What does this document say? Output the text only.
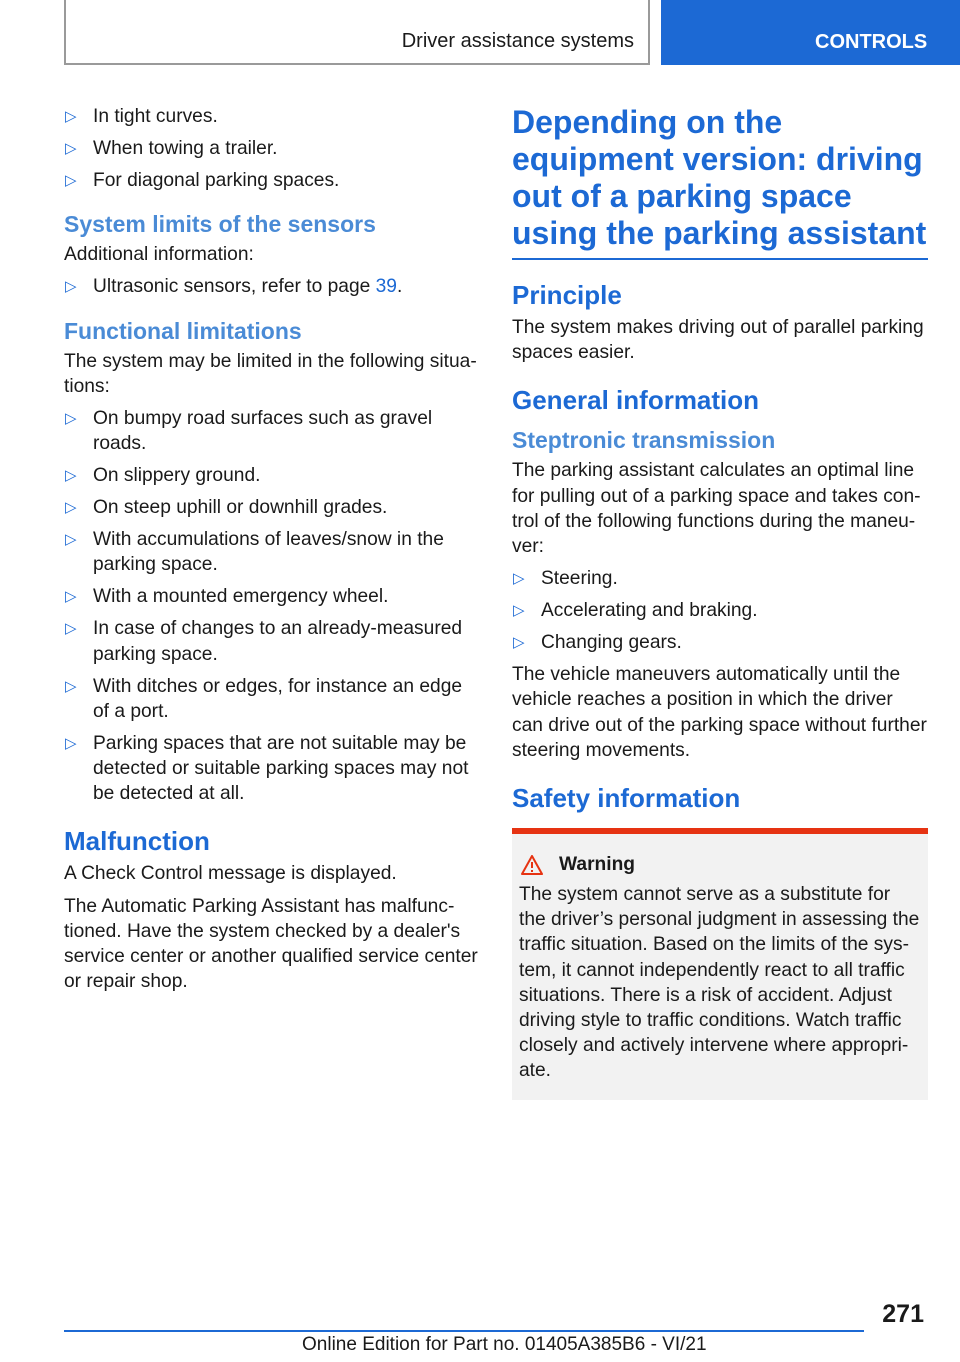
Driver assistance systems	CONTROLS
▷ In tight curves.
▷ When towing a trailer.
▷ For diagonal parking spaces.
System limits of the sensors

Additional information:

▷ Ultrasonic sensors, refer to page 39.
Functional limitations

The system may be limited in the following situations:

▷ On bumpy road surfaces such as gravel roads.
▷ On slippery ground.
▷ On steep uphill or downhill grades.
▷ With accumulations of leaves/snow in the parking space.
▷ With a mounted emergency wheel.
▷ In case of changes to an already-measured parking space.
▷ With ditches or edges, for instance an edge of a port.
▷ Parking spaces that are not suitable may be detected or suitable parking spaces may not be detected at all.
Malfunction

A Check Control message is displayed.

The Automatic Parking Assistant has malfunctioned. Have the system checked by a dealer's service center or another qualified service center or repair shop.

Depending on the equipment version: driving out of a parking space using the parking assistant
Principle

The system makes driving out of parallel parking spaces easier.

General information
Steptronic transmission

The parking assistant calculates an optimal line for pulling out of a parking space and takes control of the following functions during the maneuver:

▷ Steering.
▷ Accelerating and braking.
▷ Changing gears.

The vehicle maneuvers automatically until the vehicle reaches a position in which the driver can drive out of the parking space without further steering movements.

Safety information
Warning

The system cannot serve as a substitute for the driver’s personal judgment in assessing the traffic situation. Based on the limits of the system, it cannot independently react to all traffic situations. There is a risk of accident. Adjust driving style to traffic conditions. Watch traffic closely and actively intervene where appropriate.

271
Online Edition for Part no. 01405A385B6 - VI/21
